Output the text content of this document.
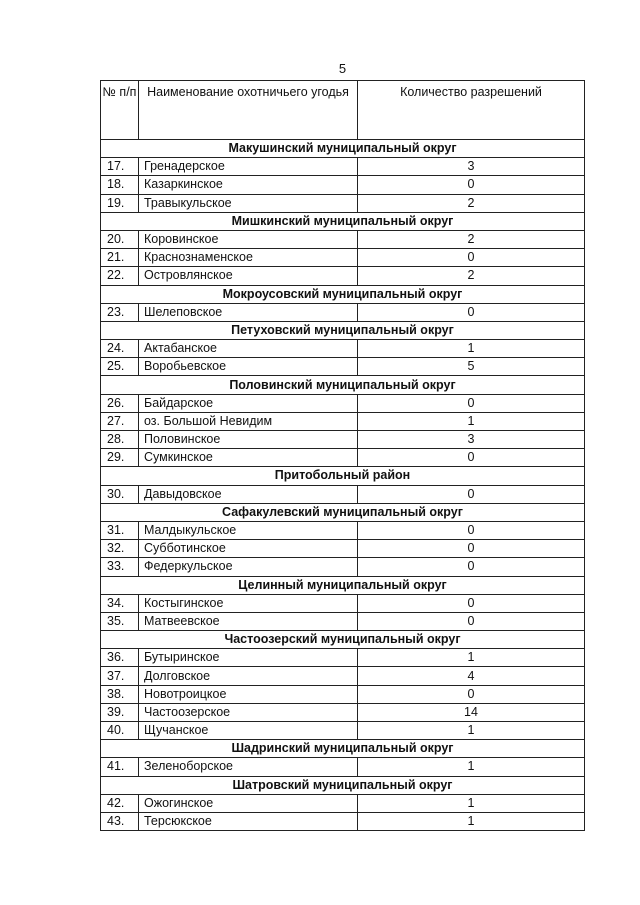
5
№ п/п	Наименование охотничьего угодья	Количество разрешений
Макушинский муниципальный округ		
17.	Гренадерское	3
18.	Казаркинское	0
19.	Травыкульское	2
Мишкинский муниципальный округ		
20.	Коровинское	2
21.	Краснознаменское	0
22.	Островлянское	2
Мокроусовский муниципальный округ		
23.	Шелеповское	0
Петуховский муниципальный округ		
24.	Актабанское	1
25.	Воробьевское	5
Половинский муниципальный округ		
26.	Байдарское	0
27.	оз. Большой Невидим	1
28.	Половинское	3
29.	Сумкинское	0
Притобольный район		
30.	Давыдовское	0
Сафакулевский муниципальный округ		
31.	Малдыкульское	0
32.	Субботинское	0
33.	Федеркульское	0
Целинный муниципальный округ		
34.	Костыгинское	0
35.	Матвеевское	0
Частоозерский муниципальный округ		
36.	Бутыринское	1
37.	Долговское	4
38.	Новотроицкое	0
39.	Частоозерское	14
40.	Щучанское	1
Шадринский муниципальный округ		
41.	Зеленоборское	1
Шатровский муниципальный округ		
42.	Ожогинское	1
43.	Терсюкское	1
